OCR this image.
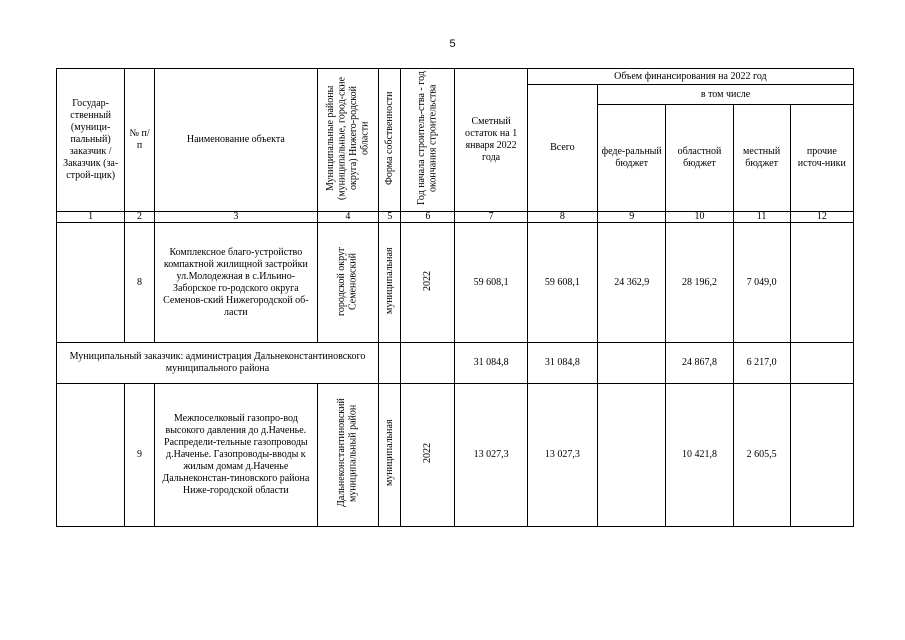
5
Государ-ственный (муници-пальный) заказчик / Заказчик (за-строй-щик)	№ п/п	Наименование объекта	Муниципальные районы (муниципальные, город-ские округа) Нижего-родской области	Форма собственности	Год начала строитель-ства - год окончания строительства	Сметный остаток на 1 января 2022 года	Объем финансирования на 2022 год				
							Всего	в том числе			
								феде-ральный бюджет	областной бюджет	местный бюджет	прочие источ-ники
1	2	3	4	5	6	7	8	9	10	11	12
	8	Комплексное благо-устройство компактной жилищной застройки ул.Молодежная в с.Ильино-Заборское го-родского округа Семенов-ский Нижегородской об-ласти	городской округ Семеновский	муниципальная	2022	59 608,1	59 608,1	24 362,9	28 196,2	7 049,0	
Муниципальный заказчик: администрация Дальнеконстантиновского муниципального района						31 084,8	31 084,8		24 867,8	6 217,0	
	9	Межпоселковый газопро-вод высокого давления до д.Наченье. Распредели-тельные газопроводы д.Наченье. Газопроводы-вводы к жилым домам д.Наченье Дальнеконстан-тиновского района Ниже-городской области	Дальнеконстантиновский муниципальный район	муниципальная	2022	13 027,3	13 027,3		10 421,8	2 605,5	
